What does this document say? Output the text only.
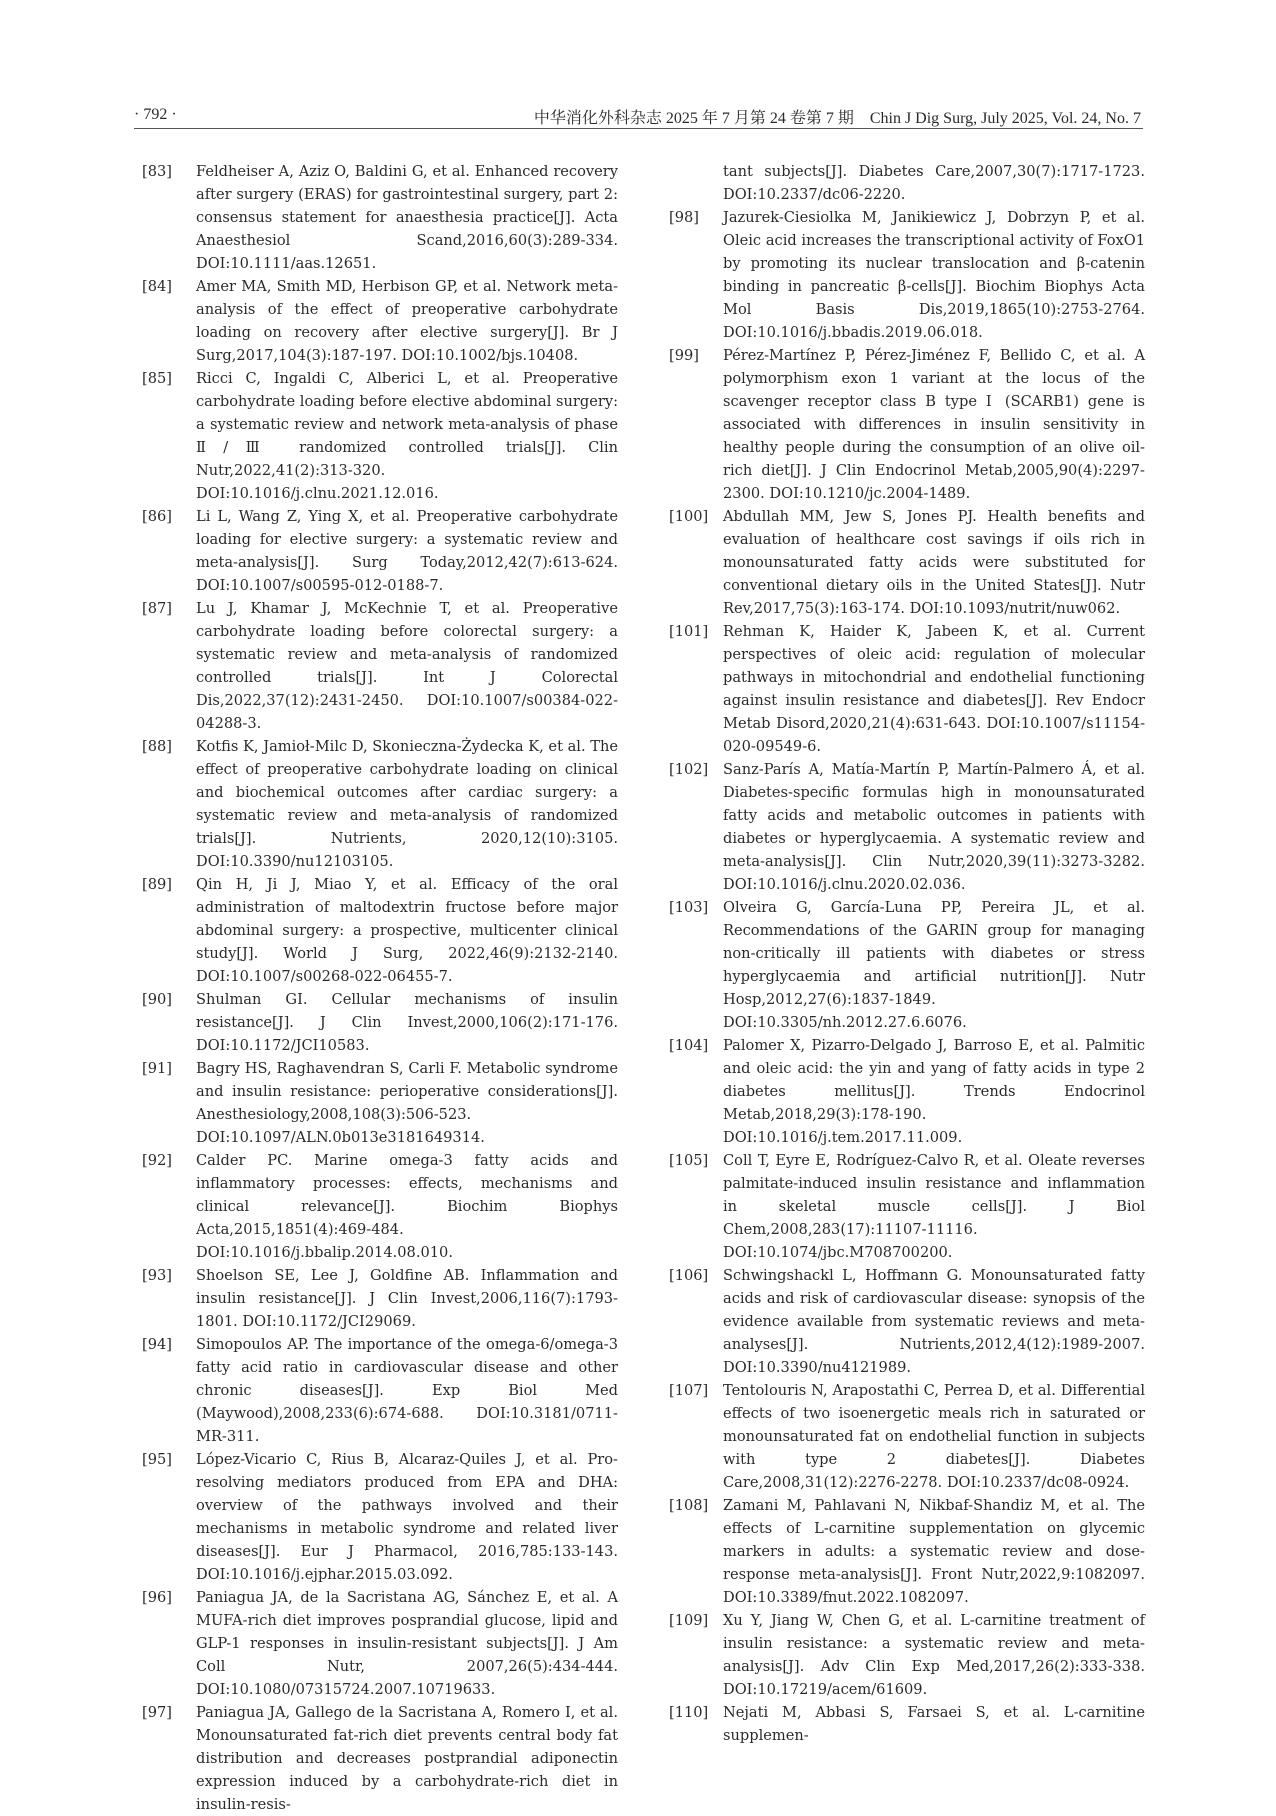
· 792 ·	中华消化外科杂志 2025 年 7 月第 24 卷第 7 期　Chin J Dig Surg, July 2025, Vol. 24, No. 7
[83] Feldheiser A, Aziz O, Baldini G, et al. Enhanced recovery after surgery (ERAS) for gastrointestinal surgery, part 2: consensus statement for anaesthesia practice[J]. Acta Anaesthesiol Scand,2016,60(3):289-334. DOI:10.1111/aas.12651.
[84] Amer MA, Smith MD, Herbison GP, et al. Network meta-analysis of the effect of preoperative carbohydrate loading on recovery after elective surgery[J]. Br J Surg,2017,104(3):187-197. DOI:10.1002/bjs.10408.
[85] Ricci C, Ingaldi C, Alberici L, et al. Preoperative carbohydrate loading before elective abdominal surgery: a systematic review and network meta-analysis of phase Ⅱ/Ⅲ randomized controlled trials[J]. Clin Nutr,2022,41(2):313-320. DOI:10.1016/j.clnu.2021.12.016.
[86] Li L, Wang Z, Ying X, et al. Preoperative carbohydrate loading for elective surgery: a systematic review and meta-analysis[J]. Surg Today,2012,42(7):613-624. DOI:10.1007/s00595-012-0188-7.
[87] Lu J, Khamar J, McKechnie T, et al. Preoperative carbohydrate loading before colorectal surgery: a systematic review and meta-analysis of randomized controlled trials[J]. Int J Colorectal Dis,2022,37(12):2431-2450. DOI:10.1007/s00384-022-04288-3.
[88] Kotfis K, Jamioł-Milc D, Skonieczna-Żydecka K, et al. The effect of preoperative carbohydrate loading on clinical and biochemical outcomes after cardiac surgery: a systematic review and meta-analysis of randomized trials[J]. Nutrients, 2020,12(10):3105. DOI:10.3390/nu12103105.
[89] Qin H, Ji J, Miao Y, et al. Efficacy of the oral administration of maltodextrin fructose before major abdominal surgery: a prospective, multicenter clinical study[J]. World J Surg, 2022,46(9):2132-2140. DOI:10.1007/s00268-022-06455-7.
[90] Shulman GI. Cellular mechanisms of insulin resistance[J]. J Clin Invest,2000,106(2):171-176. DOI:10.1172/JCI10583.
[91] Bagry HS, Raghavendran S, Carli F. Metabolic syndrome and insulin resistance: perioperative considerations[J]. Anesthesiology,2008,108(3):506-523. DOI:10.1097/ALN.0b013e3181649314.
[92] Calder PC. Marine omega-3 fatty acids and inflammatory processes: effects, mechanisms and clinical relevance[J]. Biochim Biophys Acta,2015,1851(4):469-484. DOI:10.1016/j.bbalip.2014.08.010.
[93] Shoelson SE, Lee J, Goldfine AB. Inflammation and insulin resistance[J]. J Clin Invest,2006,116(7):1793-1801. DOI:10.1172/JCI29069.
[94] Simopoulos AP. The importance of the omega-6/omega-3 fatty acid ratio in cardiovascular disease and other chronic diseases[J]. Exp Biol Med (Maywood),2008,233(6):674-688. DOI:10.3181/0711-MR-311.
[95] López-Vicario C, Rius B, Alcaraz-Quiles J, et al. Pro-resolving mediators produced from EPA and DHA: overview of the pathways involved and their mechanisms in metabolic syndrome and related liver diseases[J]. Eur J Pharmacol, 2016,785:133-143. DOI:10.1016/j.ejphar.2015.03.092.
[96] Paniagua JA, de la Sacristana AG, Sánchez E, et al. A MUFA-rich diet improves posprandial glucose, lipid and GLP-1 responses in insulin-resistant subjects[J]. J Am Coll Nutr, 2007,26(5):434-444. DOI:10.1080/07315724.2007.10719633.
[97] Paniagua JA, Gallego de la Sacristana A, Romero I, et al. Monounsaturated fat-rich diet prevents central body fat distribution and decreases postprandial adiponectin expression induced by a carbohydrate-rich diet in insulin-resis-
tant subjects[J]. Diabetes Care,2007,30(7):1717-1723. DOI:10.2337/dc06-2220.
[98] Jazurek-Ciesiolka M, Janikiewicz J, Dobrzyn P, et al. Oleic acid increases the transcriptional activity of FoxO1 by promoting its nuclear translocation and β-catenin binding in pancreatic β-cells[J]. Biochim Biophys Acta Mol Basis Dis,2019,1865(10):2753-2764. DOI:10.1016/j.bbadis.2019.06.018.
[99] Pérez-Martínez P, Pérez-Jiménez F, Bellido C, et al. A polymorphism exon 1 variant at the locus of the scavenger receptor class B type Ⅰ (SCARB1) gene is associated with differences in insulin sensitivity in healthy people during the consumption of an olive oil-rich diet[J]. J Clin Endocrinol Metab,2005,90(4):2297-2300. DOI:10.1210/jc.2004-1489.
[100] Abdullah MM, Jew S, Jones PJ. Health benefits and evaluation of healthcare cost savings if oils rich in monounsaturated fatty acids were substituted for conventional dietary oils in the United States[J]. Nutr Rev,2017,75(3):163-174. DOI:10.1093/nutrit/nuw062.
[101] Rehman K, Haider K, Jabeen K, et al. Current perspectives of oleic acid: regulation of molecular pathways in mitochondrial and endothelial functioning against insulin resistance and diabetes[J]. Rev Endocr Metab Disord,2020,21(4):631-643. DOI:10.1007/s11154-020-09549-6.
[102] Sanz-París A, Matía-Martín P, Martín-Palmero Á, et al. Diabetes-specific formulas high in monounsaturated fatty acids and metabolic outcomes in patients with diabetes or hyperglycaemia. A systematic review and meta-analysis[J]. Clin Nutr,2020,39(11):3273-3282. DOI:10.1016/j.clnu.2020.02.036.
[103] Olveira G, García-Luna PP, Pereira JL, et al. Recommendations of the GARIN group for managing non-critically ill patients with diabetes or stress hyperglycaemia and artificial nutrition[J]. Nutr Hosp,2012,27(6):1837-1849. DOI:10.3305/nh.2012.27.6.6076.
[104] Palomer X, Pizarro-Delgado J, Barroso E, et al. Palmitic and oleic acid: the yin and yang of fatty acids in type 2 diabetes mellitus[J]. Trends Endocrinol Metab,2018,29(3):178-190. DOI:10.1016/j.tem.2017.11.009.
[105] Coll T, Eyre E, Rodríguez-Calvo R, et al. Oleate reverses palmitate-induced insulin resistance and inflammation in skeletal muscle cells[J]. J Biol Chem,2008,283(17):11107-11116. DOI:10.1074/jbc.M708700200.
[106] Schwingshackl L, Hoffmann G. Monounsaturated fatty acids and risk of cardiovascular disease: synopsis of the evidence available from systematic reviews and meta-analyses[J]. Nutrients,2012,4(12):1989-2007. DOI:10.3390/nu4121989.
[107] Tentolouris N, Arapostathi C, Perrea D, et al. Differential effects of two isoenergetic meals rich in saturated or monounsaturated fat on endothelial function in subjects with type 2 diabetes[J]. Diabetes Care,2008,31(12):2276-2278. DOI:10.2337/dc08-0924.
[108] Zamani M, Pahlavani N, Nikbaf-Shandiz M, et al. The effects of L-carnitine supplementation on glycemic markers in adults: a systematic review and dose-response meta-analysis[J]. Front Nutr,2022,9:1082097. DOI:10.3389/fnut.2022.1082097.
[109] Xu Y, Jiang W, Chen G, et al. L-carnitine treatment of insulin resistance: a systematic review and meta-analysis[J]. Adv Clin Exp Med,2017,26(2):333-338. DOI:10.17219/acem/61609.
[110] Nejati M, Abbasi S, Farsaei S, et al. L-carnitine supplemen-
